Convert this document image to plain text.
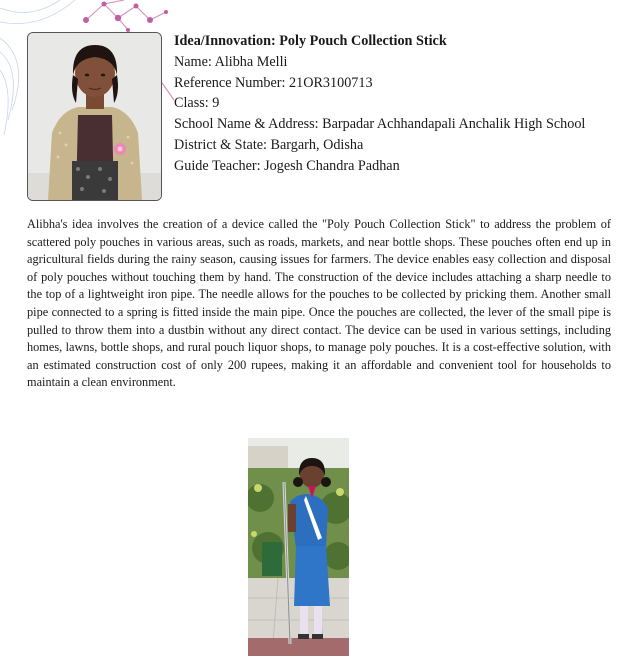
Idea/Innovation: Poly Pouch Collection Stick
Name: Alibha Melli
Reference Number: 21OR3100713
Class: 9
School Name & Address: Barpadar Achhandapali Anchalik High School
District & State: Bargarh, Odisha
Guide Teacher: Jogesh Chandra Padhan

Alibha's idea involves the creation of a device called the "Poly Pouch Collection Stick" to address the problem of scattered poly pouches in various areas, such as roads, markets, and near bottle shops. These pouches often end up in agricultural fields during the rainy season, causing issues for farmers. The device enables easy collection and disposal of poly pouches without touching them by hand. The construction of the device includes attaching a sharp needle to the top of a lightweight iron pipe. The needle allows for the pouches to be collected by pricking them. Another small pipe connected to a spring is fitted inside the main pipe. Once the pouches are collected, the lever of the small pipe is pulled to throw them into a dustbin without any direct contact. The device can be used in various settings, including homes, lawns, bottle shops, and rural pouch liquor shops, to manage poly pouches. It is a cost-effective solution, with an estimated construction cost of only 200 rupees, making it an affordable and convenient tool for households to maintain a clean environment.
